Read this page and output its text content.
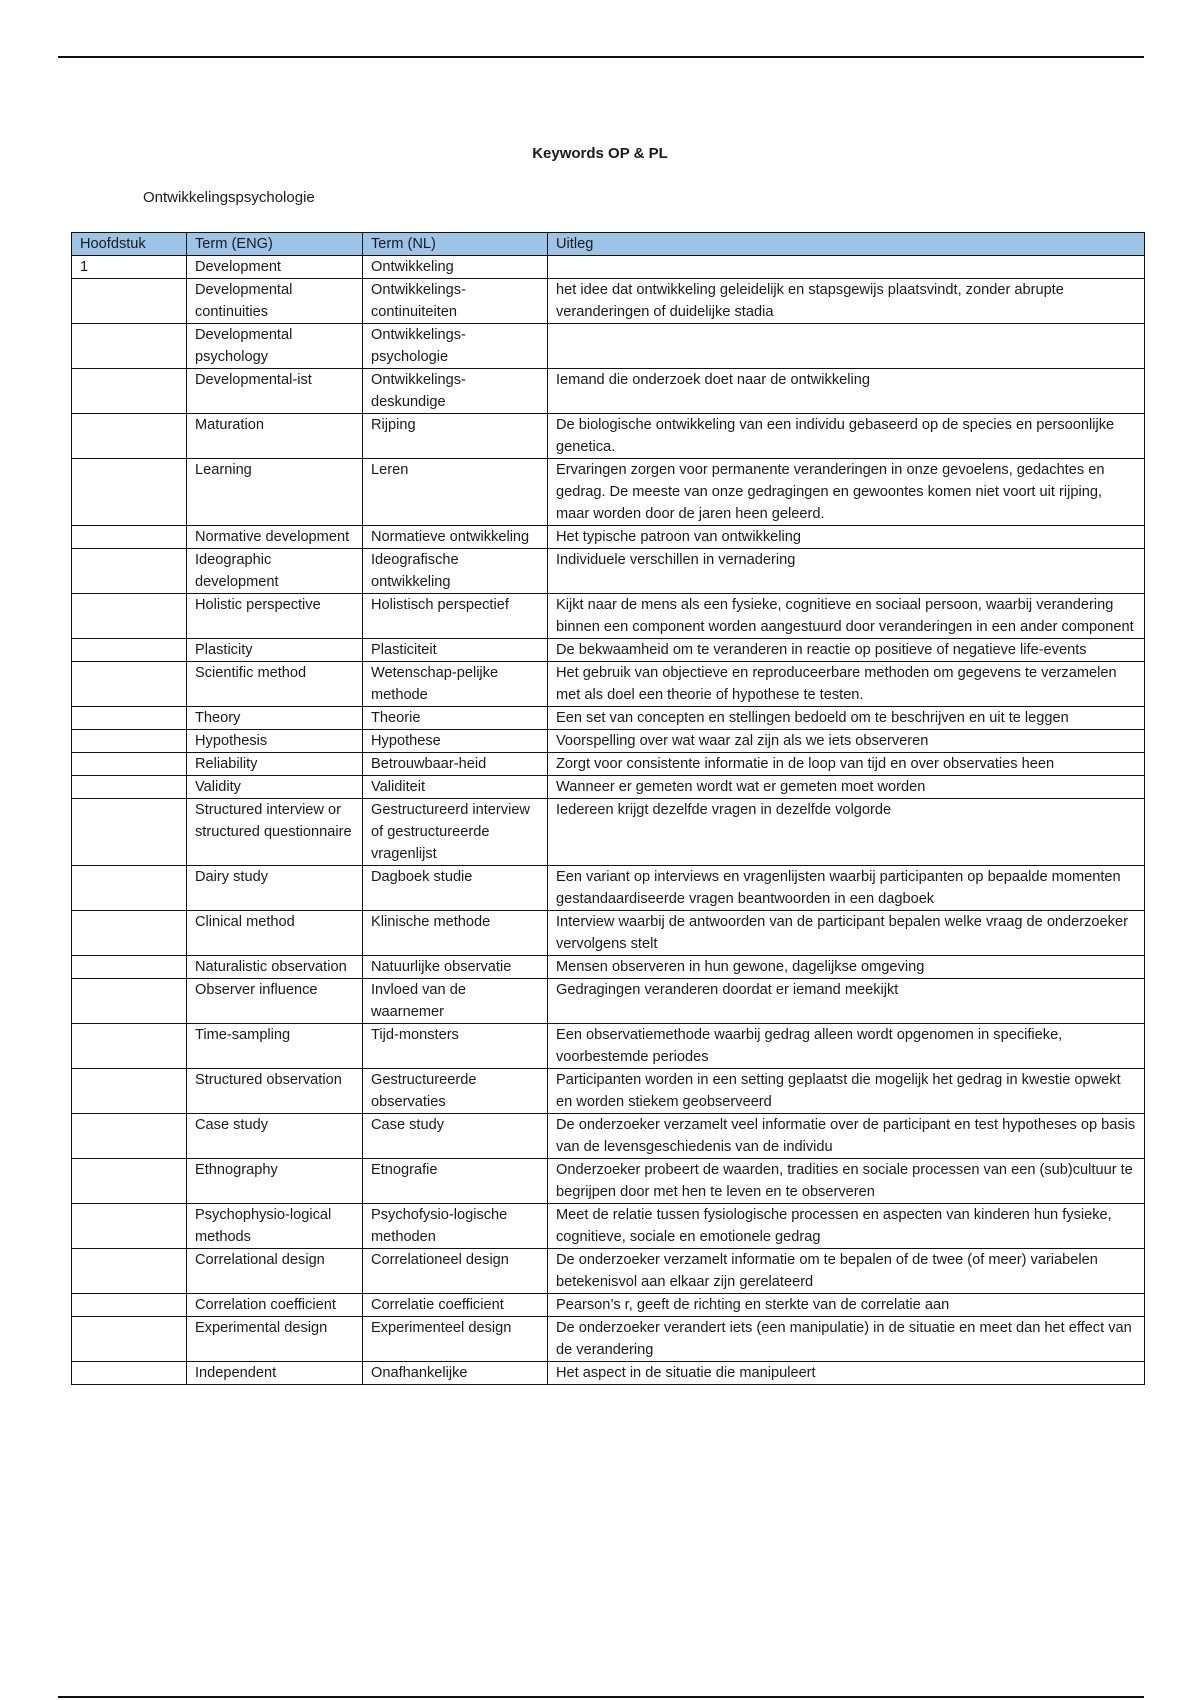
Keywords OP & PL
Ontwikkelingspsychologie
Hoofdstuk	Term (ENG)	Term (NL)	Uitleg
1	Development	Ontwikkeling	
	Developmental continuities	Ontwikkelings-continuiteiten	het idee dat ontwikkeling geleidelijk en stapsgewijs plaatsvindt, zonder abrupte veranderingen of duidelijke stadia
	Developmental psychology	Ontwikkelings-psychologie	
	Developmental-ist	Ontwikkelings-deskundige	Iemand die onderzoek doet naar de ontwikkeling
	Maturation	Rijping	De biologische ontwikkeling van een individu gebaseerd op de species en persoonlijke genetica.
	Learning	Leren	Ervaringen zorgen voor permanente veranderingen in onze gevoelens, gedachtes en gedrag. De meeste van onze gedragingen en gewoontes komen niet voort uit rijping, maar worden door de jaren heen geleerd.
	Normative development	Normatieve ontwikkeling	Het typische patroon van ontwikkeling
	Ideographic development	Ideografische ontwikkeling	Individuele verschillen in vernadering
	Holistic perspective	Holistisch perspectief	Kijkt naar de mens als een fysieke, cognitieve en sociaal persoon, waarbij verandering binnen een component worden aangestuurd door veranderingen in een ander component
	Plasticity	Plasticiteit	De bekwaamheid om te veranderen in reactie op positieve of negatieve life-events
	Scientific method	Wetenschap-pelijke methode	Het gebruik van objectieve en reproduceerbare methoden om gegevens te verzamelen met als doel een theorie of hypothese te testen.
	Theory	Theorie	Een set van concepten en stellingen bedoeld om te beschrijven en uit te leggen
	Hypothesis	Hypothese	Voorspelling over wat waar zal zijn als we iets observeren
	Reliability	Betrouwbaar-heid	Zorgt voor consistente informatie in de loop van tijd en over observaties heen
	Validity	Validiteit	Wanneer er gemeten wordt wat er gemeten moet worden
	Structured interview or structured questionnaire	Gestructureerd interview of gestructureerde vragenlijst	Iedereen krijgt dezelfde vragen in dezelfde volgorde
	Dairy study	Dagboek studie	Een variant op interviews en vragenlijsten waarbij participanten op bepaalde momenten gestandaardiseerde vragen beantwoorden in een dagboek
	Clinical method	Klinische methode	Interview waarbij de antwoorden van de participant bepalen welke vraag de onderzoeker vervolgens stelt
	Naturalistic observation	Natuurlijke observatie	Mensen observeren in hun gewone, dagelijkse omgeving
	Observer influence	Invloed van de waarnemer	Gedragingen veranderen doordat er iemand meekijkt
	Time-sampling	Tijd-monsters	Een observatiemethode waarbij gedrag alleen wordt opgenomen in specifieke, voorbestemde periodes
	Structured observation	Gestructureerde observaties	Participanten worden in een setting geplaatst die mogelijk het gedrag in kwestie opwekt en worden stiekem geobserveerd
	Case study	Case study	De onderzoeker verzamelt veel informatie over de participant en test hypotheses op basis van de levensgeschiedenis van de individu
	Ethnography	Etnografie	Onderzoeker probeert de waarden, tradities en sociale processen van een (sub)cultuur te begrijpen door met hen te leven en te observeren
	Psychophysio-logical methods	Psychofysio-logische methoden	Meet de relatie tussen fysiologische processen en aspecten van kinderen hun fysieke, cognitieve, sociale en emotionele gedrag
	Correlational design	Correlationeel design	De onderzoeker verzamelt informatie om te bepalen of de twee (of meer) variabelen betekenisvol aan elkaar zijn gerelateerd
	Correlation coefficient	Correlatie coefficient	Pearson’s r, geeft de richting en sterkte van de correlatie aan
	Experimental design	Experimenteel design	De onderzoeker verandert iets (een manipulatie) in de situatie en meet dan het effect van de verandering
	Independent	Onafhankelijke	Het aspect in de situatie die manipuleert
